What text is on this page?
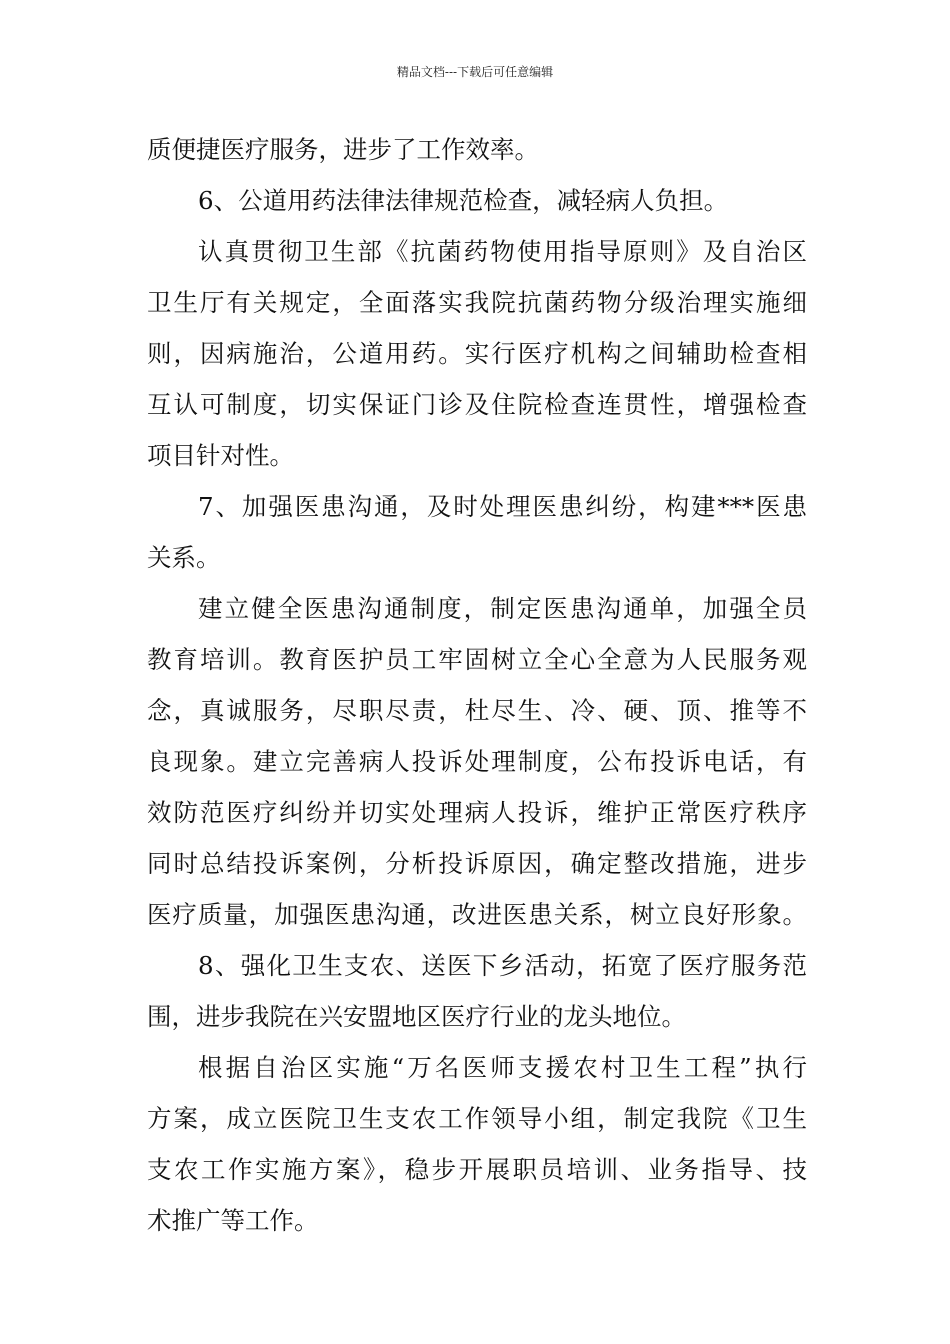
精品文档---下载后可任意编辑
质便捷医疗服务，进步了工作效率。
6、公道用药法律法律规范检查，减轻病人负担。
认真贯彻卫生部《抗菌药物使用指导原则》及自治区
卫生厅有关规定，全面落实我院抗菌药物分级治理实施细
则，因病施治，公道用药。实行医疗机构之间辅助检查相
互认可制度，切实保证门诊及住院检查连贯性，增强检查
项目针对性。
7、加强医患沟通，及时处理医患纠纷，构建***医患
关系。
建立健全医患沟通制度，制定医患沟通单，加强全员
教育培训。教育医护员工牢固树立全心全意为人民服务观
念，真诚服务，尽职尽责，杜尽生、冷、硬、顶、推等不
良现象。建立完善病人投诉处理制度，公布投诉电话，有
效防范医疗纠纷并切实处理病人投诉，维护正常医疗秩序
同时总结投诉案例，分析投诉原因，确定整改措施，进步
医疗质量，加强医患沟通，改进医患关系，树立良好形象。
8、强化卫生支农、送医下乡活动，拓宽了医疗服务范
围，进步我院在兴安盟地区医疗行业的龙头地位。
根据自治区实施“万名医师支援农村卫生工程”执行
方案，成立医院卫生支农工作领导小组，制定我院《卫生
支农工作实施方案》，稳步开展职员培训、业务指导、技
术推广等工作。
